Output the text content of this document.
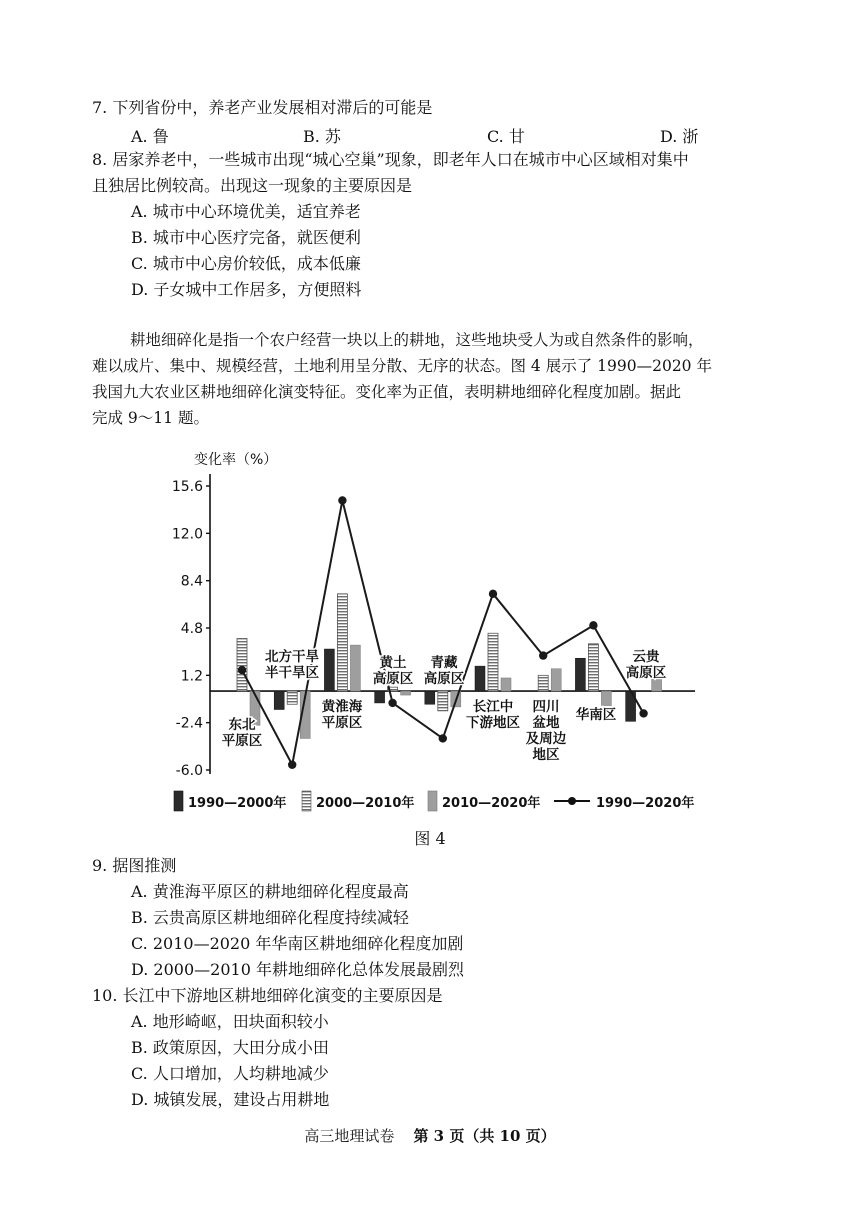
7. 下列省份中，养老产业发展相对滞后的可能是
A. 鲁	B. 苏	C. 甘	D. 浙
8. 居家养老中，一些城市出现“城心空巢”现象，即老年人口在城市中心区域相对集中
且独居比例较高。出现这一现象的主要原因是
A. 城市中心环境优美，适宜养老
B. 城市中心医疗完备，就医便利
C. 城市中心房价较低，成本低廉
D. 子女城中工作居多，方便照料
耕地细碎化是指一个农户经营一块以上的耕地，这些地块受人为或自然条件的影响，
难以成片、集中、规模经营，土地利用呈分散、无序的状态。图 4 展示了 1990—2020 年
我国九大农业区耕地细碎化演变特征。变化率为正值，表明耕地细碎化程度加剧。据此
完成 9～11 题。
变化率（%）
15.6
12.0
8.4
4.8
1.2
-2.4
-6.0
东北平原区
北方干旱半干旱区
黄淮海平原区
黄土高原区
青藏高原区
长江中下游地区
四川盆地及周边地区
华南区
云贵高原区
1990—2000年 2000—2010年 2010—2020年	1990—2020年
图 4
9. 据图推测
A. 黄淮海平原区的耕地细碎化程度最高
B. 云贵高原区耕地细碎化程度持续减轻
C. 2010—2020 年华南区耕地细碎化程度加剧
D. 2000—2010 年耕地细碎化总体发展最剧烈
10. 长江中下游地区耕地细碎化演变的主要原因是
A. 地形崎岖，田块面积较小
B. 政策原因，大田分成小田
C. 人口增加，人均耕地减少
D. 城镇发展，建设占用耕地
高三地理试卷 第 3 页（共 10 页）
